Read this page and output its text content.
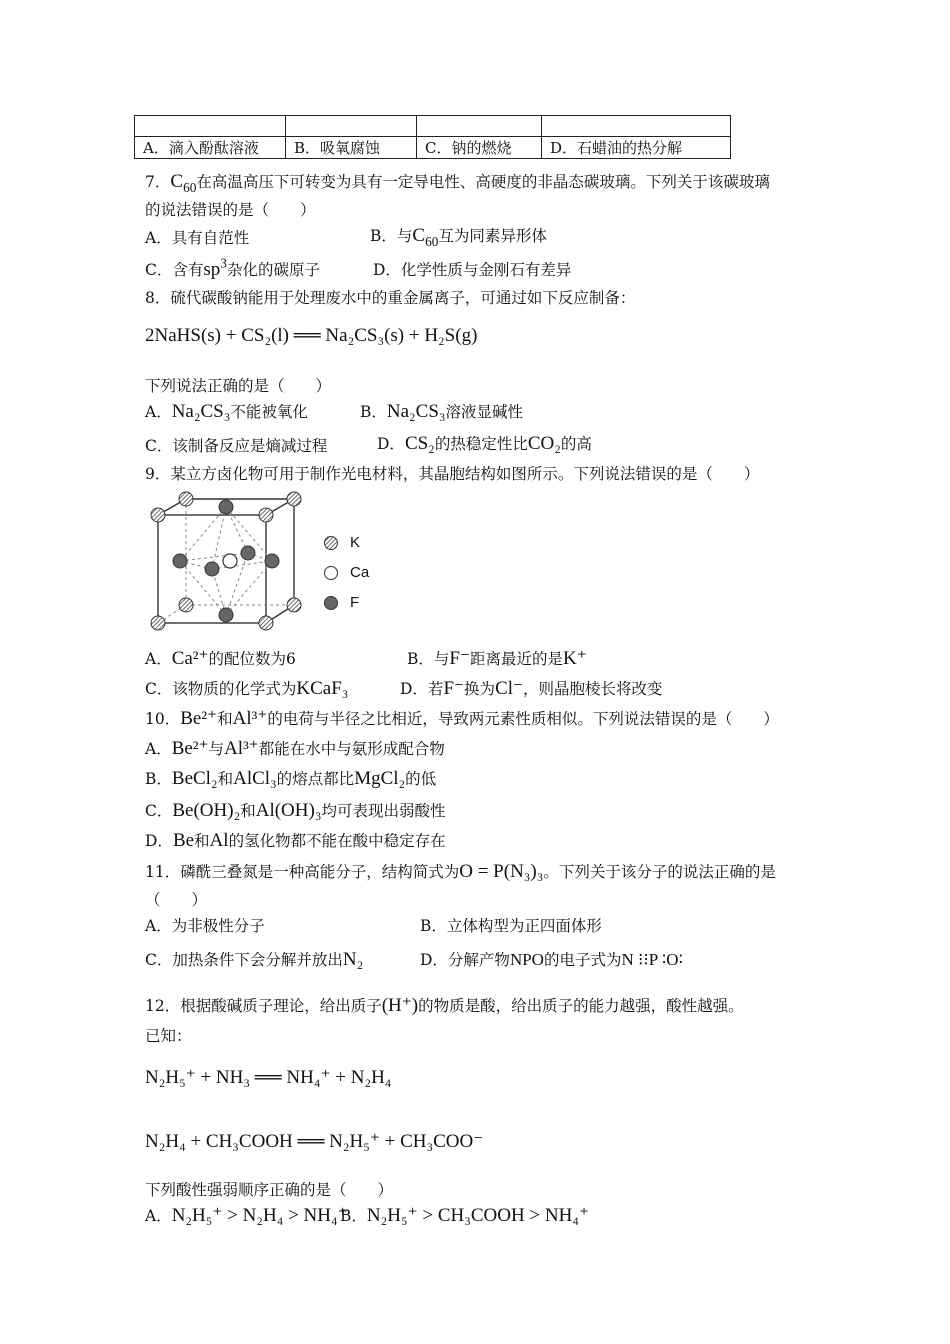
A．滴入酚酞溶液	B．吸氧腐蚀	C．钠的燃烧	D．石蜡油的热分解
7．$C_{60}$在高温高压下可转变为具有一定导电性、高硬度的非晶态碳玻璃。下列关于该碳玻璃
的说法错误的是（　　）
A．具有自范性	B．与$C_{60}$互为同素异形体
C．含有$sp^3$杂化的碳原子	D．化学性质与金刚石有差异
8．硫代碳酸钠能用于处理废水中的重金属离子，可通过如下反应制备：
2NaHS(s) + CS₂(l) ══ Na₂CS₃(s) + H₂S(g)
下列说法正确的是（　　）
A．Na₂CS₃不能被氧化	B．Na₂CS₃溶液显碱性
C．该制备反应是熵减过程	D．CS₂的热稳定性比CO₂的高
9．某立方卤化物可用于制作光电材料，其晶胞结构如图所示。下列说法错误的是（　　）
K
Ca
F
A．Ca²⁺的配位数为6	B．与F⁻距离最近的是K⁺
C．该物质的化学式为KCaF₃	D．若F⁻换为Cl⁻，则晶胞棱长将改变
10．Be²⁺和Al³⁺的电荷与半径之比相近，导致两元素性质相似。下列说法错误的是（　　）
A．Be²⁺与Al³⁺都能在水中与氨形成配合物
B．BeCl₂和AlCl₃的熔点都比MgCl₂的低
C．Be(OH)₂和Al(OH)₃均可表现出弱酸性
D．Be和Al的氢化物都不能在酸中稳定存在
11．磷酰三叠氮是一种高能分子，结构简式为O = P(N₃)₃。下列关于该分子的说法正确的是
（　　）
A．为非极性分子	B．立体构型为正四面体形
C．加热条件下会分解并放出N₂	D．分解产物NPO的电子式为N ⁝⁝P ∶O∶
12．根据酸碱质子理论，给出质子(H⁺)的物质是酸，给出质子的能力越强，酸性越强。
已知：
N₂H₅⁺ + NH₃ ══ NH₄⁺ + N₂H₄
N₂H₄ + CH₃COOH ══ N₂H₅⁺ + CH₃COO⁻
下列酸性强弱顺序正确的是（　　）
A．N₂H₅⁺ > N₂H₄ > NH₄⁺
B．N₂H₅⁺ > CH₃COOH > NH₄⁺
